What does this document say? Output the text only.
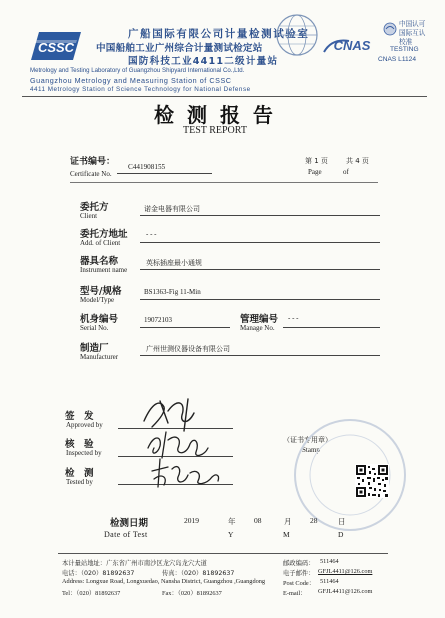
CSSC
广船国际有限公司计量检测试验室
中国船舶工业广州综合计量测试检定站
国防科技工业4411二级计量站
Metrology and Testing Laboratory of Guangzhou Shipyard International Co.,Ltd.
Guangzhou Metrology and Measuring Station of CSSC
4411 Metrology Station of Science Technology for National Defense
CNAS
中国认可
国际互认
校准
TESTING
CNAS L1124
检 测 报 告
TEST REPORT
证书编号：
Certificate No.
C441908155
第 1 页	共 4 页
Page	of
委托方
Client
诺金电器有限公司
委托方地址
Add. of Client
- - -
器具名称
Instrument name
英标插座最小通规
型号/规格
Model/Type
BS1363-Fig 11-Min
机身编号
Serial No.
19072103	管理编号
Manage No.
- - -
制造厂
Manufacturer
广州世测仪器设备有限公司
签　发
Approved by
核　验
Inspected by
检　测
Tested by
（证书专用章）
Stamp
检测日期
Date of Test
2019	年
Y
08	月
M
28	日
D
本计量站地址：广东省广州市南沙区龙穴岛龙穴大道	邮政编码： 511464
电话：（020）81892637	传真：（020）81892637	电子邮件： GFJL4411@126.com
Address: Longxue Road, Longxuedao, Nansha District, Guangzhou ,Guangdong	Post Code： 511464
Tel：（020）81892637	Fax：（020）81892637	E-mail： GFJL4411@126.com
